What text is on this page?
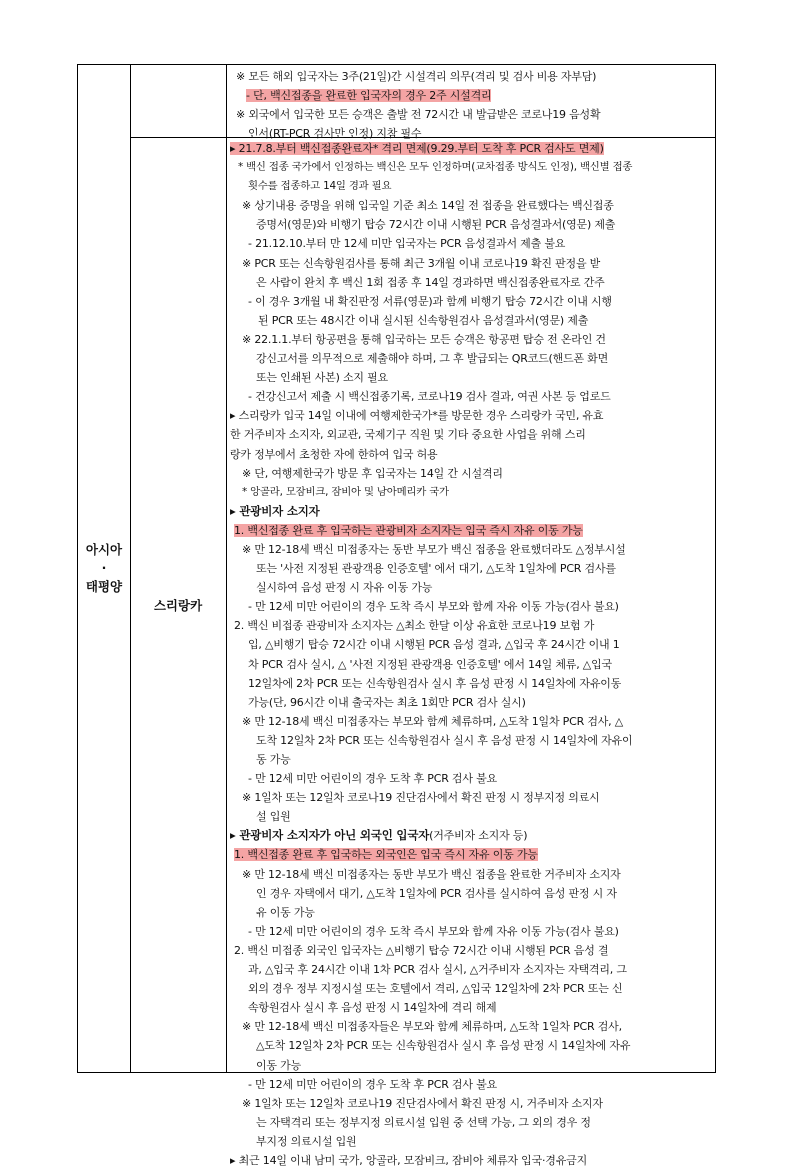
아시아
·
태평양
스리랑카
※ 모든 해외 입국자는 3주(21일)간 시설격리 의무(격리 및 검사 비용 자부담)
- 단, 백신접종을 완료한 입국자의 경우 2주 시설격리
※ 외국에서 입국한 모든 승객은 출발 전 72시간 내 발급받은 코로나19 음성확
인서(RT-PCR 검사만 인정) 지참 필수
▸ 21.7.8.부터 백신접종완료자* 격리 면제(9.29.부터 도착 후 PCR 검사도 면제)
* 백신 접종 국가에서 인정하는 백신은 모두 인정하며(교차접종 방식도 인정), 백신별 접종
횟수를 접종하고 14일 경과 필요
※ 상기내용 증명을 위해 입국일 기준 최소 14일 전 접종을 완료했다는 백신접종
증명서(영문)와 비행기 탑승 72시간 이내 시행된 PCR 음성결과서(영문) 제출
- 21.12.10.부터 만 12세 미만 입국자는 PCR 음성결과서 제출 불요
※ PCR 또는 신속항원검사를 통해 최근 3개월 이내 코로나19 확진 판정을 받
은 사람이 완치 후 백신 1회 접종 후 14일 경과하면 백신접종완료자로 간주
- 이 경우 3개월 내 확진판정 서류(영문)과 함께 비행기 탑승 72시간 이내 시행
된 PCR 또는 48시간 이내 실시된 신속항원검사 음성결과서(영문) 제출
※ 22.1.1.부터 항공편을 통해 입국하는 모든 승객은 항공편 탑승 전 온라인 건
강신고서를 의무적으로 제출해야 하며, 그 후 발급되는 QR코드(핸드폰 화면
또는 인쇄된 사본) 소지 필요
- 건강신고서 제출 시 백신접종기록, 코로나19 검사 결과, 여권 사본 등 업로드
▸ 스리랑카 입국 14일 이내에 여행제한국가*를 방문한 경우 스리랑카 국민, 유효
한 거주비자 소지자, 외교관, 국제기구 직원 및 기타 중요한 사업을 위해 스리
랑카 정부에서 초청한 자에 한하여 입국 허용
※ 단, 여행제한국가 방문 후 입국자는 14일 간 시설격리
* 앙골라, 모잠비크, 잠비아 및 남아메리카 국가
▸ 관광비자 소지자
1. 백신접종 완료 후 입국하는 관광비자 소지자는 입국 즉시 자유 이동 가능
※ 만 12-18세 백신 미접종자는 동반 부모가 백신 접종을 완료했더라도 △정부시설
또는 '사전 지정된 관광객용 인증호텔' 에서 대기, △도착 1일차에 PCR 검사를
실시하여 음성 판정 시 자유 이동 가능
- 만 12세 미만 어린이의 경우 도착 즉시 부모와 함께 자유 이동 가능(검사 불요)
2. 백신 비접종 관광비자 소지자는 △최소 한달 이상 유효한 코로나19 보험 가
입, △비행기 탑승 72시간 이내 시행된 PCR 음성 결과, △입국 후 24시간 이내 1
차 PCR 검사 실시, △ '사전 지정된 관광객용 인증호텔' 에서 14일 체류, △입국
12일차에 2차 PCR 또는 신속항원검사 실시 후 음성 판정 시 14일차에 자유이동
가능(단, 96시간 이내 출국자는 최초 1회만 PCR 검사 실시)
※ 만 12-18세 백신 미접종자는 부모와 함께 체류하며, △도착 1일차 PCR 검사, △
도착 12일차 2차 PCR 또는 신속항원검사 실시 후 음성 판정 시 14일차에 자유이
동 가능
- 만 12세 미만 어린이의 경우 도착 후 PCR 검사 불요
※ 1일차 또는 12일차 코로나19 진단검사에서 확진 판정 시 정부지정 의료시
설 입원
▸ 관광비자 소지자가 아닌 외국인 입국자(거주비자 소지자 등)
1. 백신접종 완료 후 입국하는 외국인은 입국 즉시 자유 이동 가능
※ 만 12-18세 백신 미접종자는 동반 부모가 백신 접종을 완료한 거주비자 소지자
인 경우 자택에서 대기, △도착 1일차에 PCR 검사를 실시하여 음성 판정 시 자
유 이동 가능
- 만 12세 미만 어린이의 경우 도착 즉시 부모와 함께 자유 이동 가능(검사 불요)
2. 백신 미접종 외국인 입국자는 △비행기 탑승 72시간 이내 시행된 PCR 음성 결
과, △입국 후 24시간 이내 1차 PCR 검사 실시, △거주비자 소지자는 자택격리, 그
외의 경우 정부 지정시설 또는 호텔에서 격리, △입국 12일차에 2차 PCR 또는 신
속항원검사 실시 후 음성 판정 시 14일차에 격리 해제
※ 만 12-18세 백신 미접종자들은 부모와 함께 체류하며, △도착 1일차 PCR 검사,
△도착 12일차 2차 PCR 또는 신속항원검사 실시 후 음성 판정 시 14일차에 자유
이동 가능
- 만 12세 미만 어린이의 경우 도착 후 PCR 검사 불요
※ 1일차 또는 12일차 코로나19 진단검사에서 확진 판정 시, 거주비자 소지자
는 자택격리 또는 정부지정 의료시설 입원 중 선택 가능, 그 외의 경우 정
부지정 의료시설 입원
▸ 최근 14일 이내 남미 국가, 앙골라, 모잠비크, 잠비아 체류자 입국·경유금지
